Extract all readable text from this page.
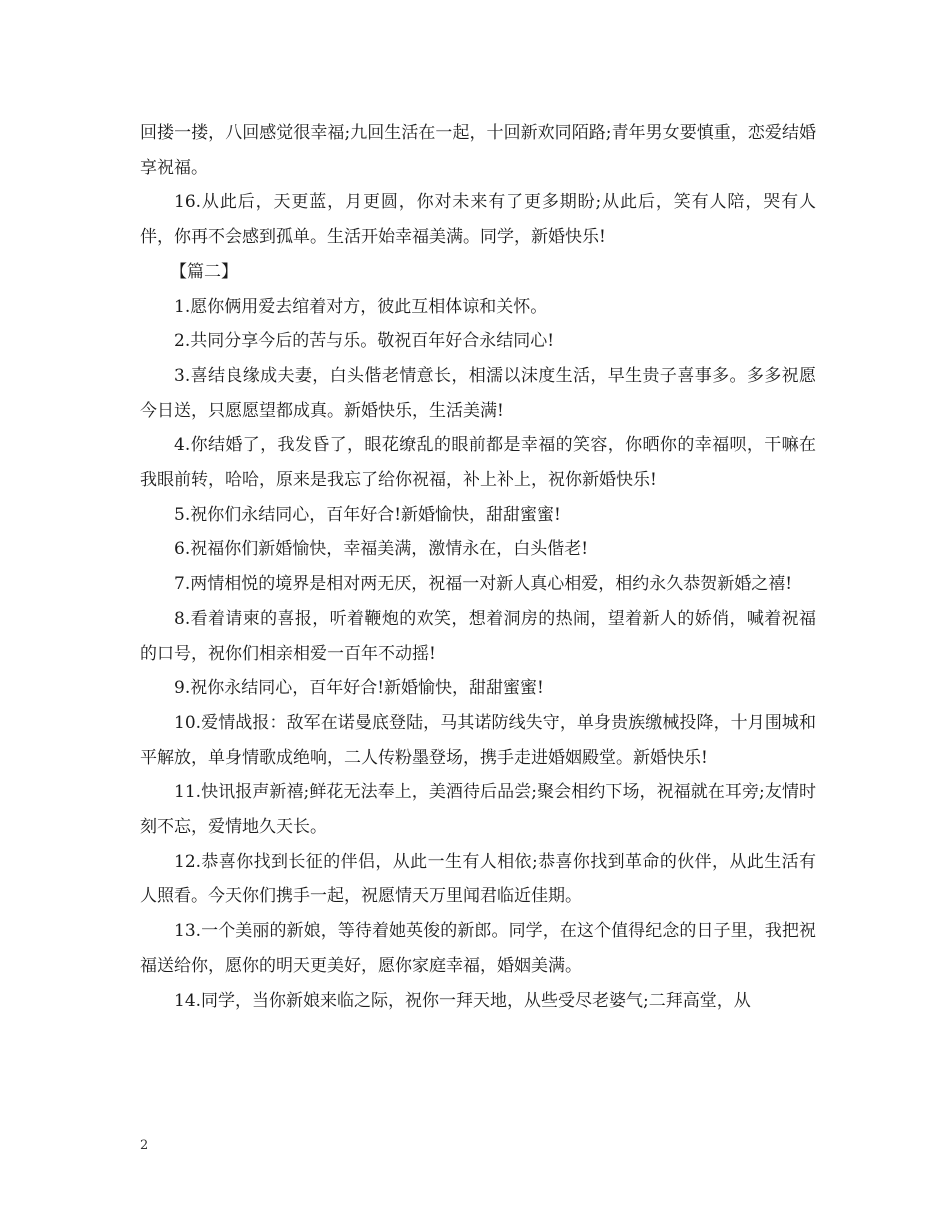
回搂一搂，八回感觉很幸福;九回生活在一起，十回新欢同陌路;青年男女要慎重，恋爱结婚享祝福。

16.从此后，天更蓝，月更圆，你对未来有了更多期盼;从此后，笑有人陪，哭有人伴，你再不会感到孤单。生活开始幸福美满。同学，新婚快乐!

【篇二】

1.愿你俩用爱去绾着对方，彼此互相体谅和关怀。

2.共同分享今后的苦与乐。敬祝百年好合永结同心!

3.喜结良缘成夫妻，白头偕老情意长，相濡以沫度生活，早生贵子喜事多。多多祝愿今日送，只愿愿望都成真。新婚快乐，生活美满!

4.你结婚了，我发昏了，眼花缭乱的眼前都是幸福的笑容，你晒你的幸福呗，干嘛在我眼前转，哈哈，原来是我忘了给你祝福，补上补上，祝你新婚快乐!

5.祝你们永结同心，百年好合!新婚愉快，甜甜蜜蜜!

6.祝福你们新婚愉快，幸福美满，激情永在，白头偕老!

7.两情相悦的境界是相对两无厌，祝福一对新人真心相爱，相约永久恭贺新婚之禧!

8.看着请柬的喜报，听着鞭炮的欢笑，想着洞房的热闹，望着新人的娇俏，喊着祝福的口号，祝你们相亲相爱一百年不动摇!

9.祝你永结同心，百年好合!新婚愉快，甜甜蜜蜜!

10.爱情战报：敌军在诺曼底登陆，马其诺防线失守，单身贵族缴械投降，十月围城和平解放，单身情歌成绝响，二人传粉墨登场，携手走进婚姻殿堂。新婚快乐!

11.快讯报声新禧;鲜花无法奉上，美酒待后品尝;聚会相约下场，祝福就在耳旁;友情时刻不忘，爱情地久天长。

12.恭喜你找到长征的伴侣，从此一生有人相依;恭喜你找到革命的伙伴，从此生活有人照看。今天你们携手一起，祝愿情天万里闻君临近佳期。

13.一个美丽的新娘，等待着她英俊的新郎。同学，在这个值得纪念的日子里，我把祝福送给你，愿你的明天更美好，愿你家庭幸福，婚姻美满。

14.同学，当你新娘来临之际，祝你一拜天地，从些受尽老婆气;二拜高堂，从

2
